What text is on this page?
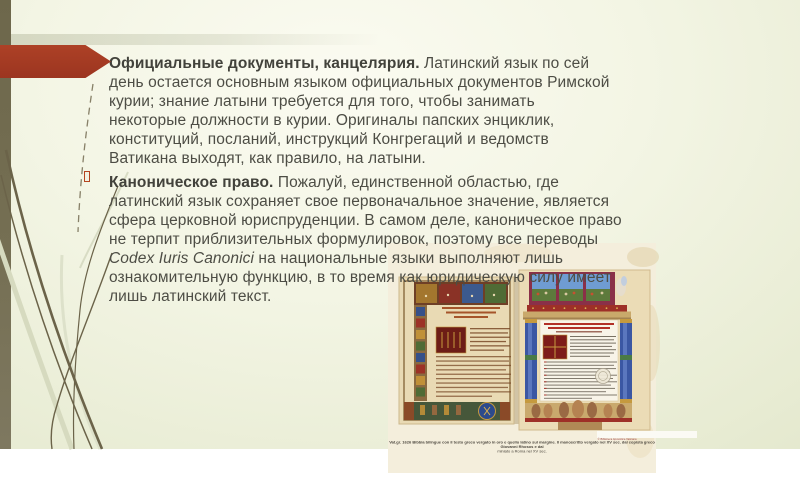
© Biblioteca Apostolica Vaticana
Vat.gr. 1626 Bibbia bilingue con il testo greco vergato in oro e quello latino sul margine. Il manoscritto vergato nel XV sec. dal copista greco Giovanni Rhosos e dal
miniato a Roma nel XV sec.
Официальные документы, канцелярия. Латинский язык по сей
день остается основным языком официальных документов Римской
курии; знание латыни требуется для того, чтобы занимать
некоторые должности в курии. Оригиналы папских энциклик,
конституций, посланий, инструкций Конгрегаций и ведомств
Ватикана выходят, как правило, на латыни.
Каноническое право. Пожалуй, единственной областью, где
латинский язык сохраняет свое первоначальное значение, является
сфера церковной юриспруденции. В самом деле, каноническое право
не терпит приблизительных формулировок, поэтому все переводы
Codex Iuris Canonici на национальные языки выполняют лишь
ознакомительную функцию, в то время как юридическую силу имеет
лишь латинский текст.
